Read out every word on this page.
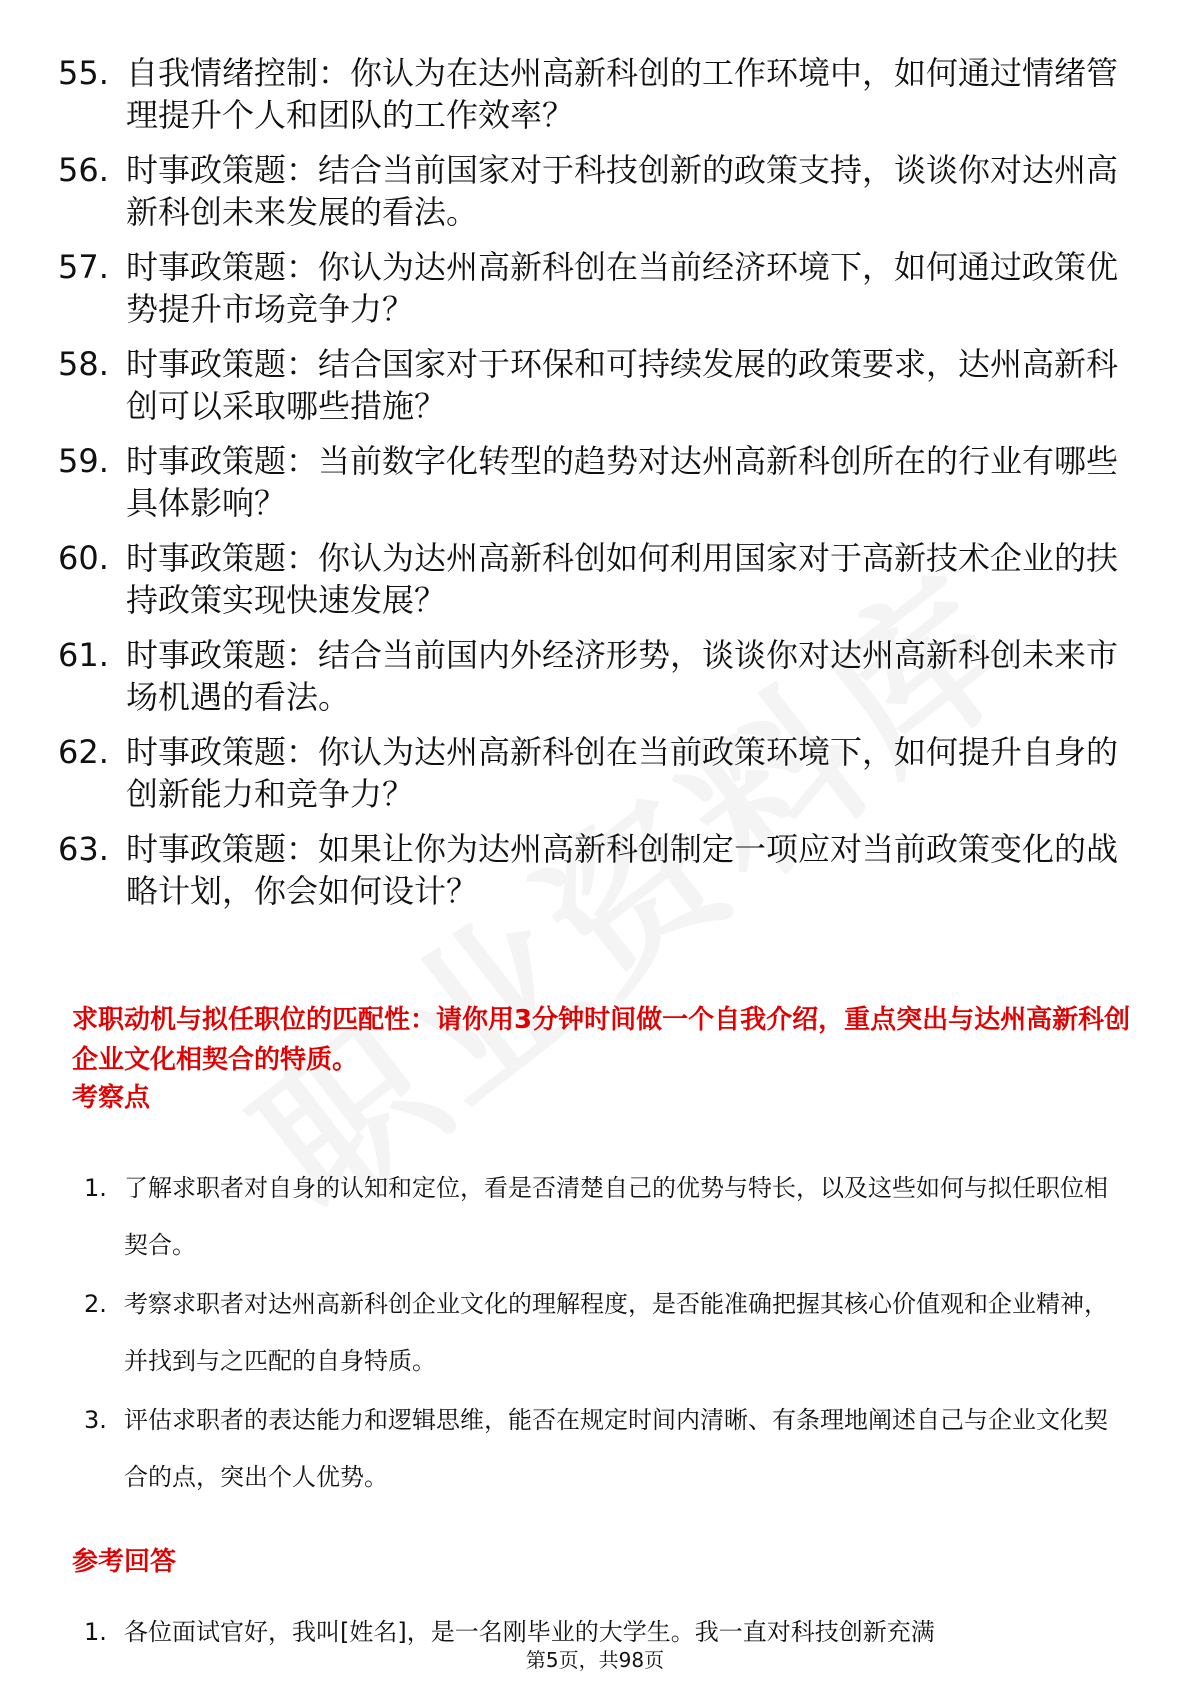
55. 自我情绪控制：你认为在达州高新科创的工作环境中，如何通过情绪管理提升个人和团队的工作效率？
56. 时事政策题：结合当前国家对于科技创新的政策支持，谈谈你对达州高新科创未来发展的看法。
57. 时事政策题：你认为达州高新科创在当前经济环境下，如何通过政策优势提升市场竞争力？
58. 时事政策题：结合国家对于环保和可持续发展的政策要求，达州高新科创可以采取哪些措施？
59. 时事政策题：当前数字化转型的趋势对达州高新科创所在的行业有哪些具体影响？
60. 时事政策题：你认为达州高新科创如何利用国家对于高新技术企业的扶持政策实现快速发展？
61. 时事政策题：结合当前国内外经济形势，谈谈你对达州高新科创未来市场机遇的看法。
62. 时事政策题：你认为达州高新科创在当前政策环境下，如何提升自身的创新能力和竞争力？
63. 时事政策题：如果让你为达州高新科创制定一项应对当前政策变化的战略计划，你会如何设计？
求职动机与拟任职位的匹配性：请你用3分钟时间做一个自我介绍，重点突出与达州高新科创企业文化相契合的特质。
考察点
1. 了解求职者对自身的认知和定位，看是否清楚自己的优势与特长，以及这些如何与拟任职位相契合。
2. 考察求职者对达州高新科创企业文化的理解程度，是否能准确把握其核心价值观和企业精神，并找到与之匹配的自身特质。
3. 评估求职者的表达能力和逻辑思维，能否在规定时间内清晰、有条理地阐述自己与企业文化契合的点，突出个人优势。
参考回答
1. 各位面试官好，我叫[姓名]，是一名刚毕业的大学生。我一直对科技创新充满
第5页，共98页
